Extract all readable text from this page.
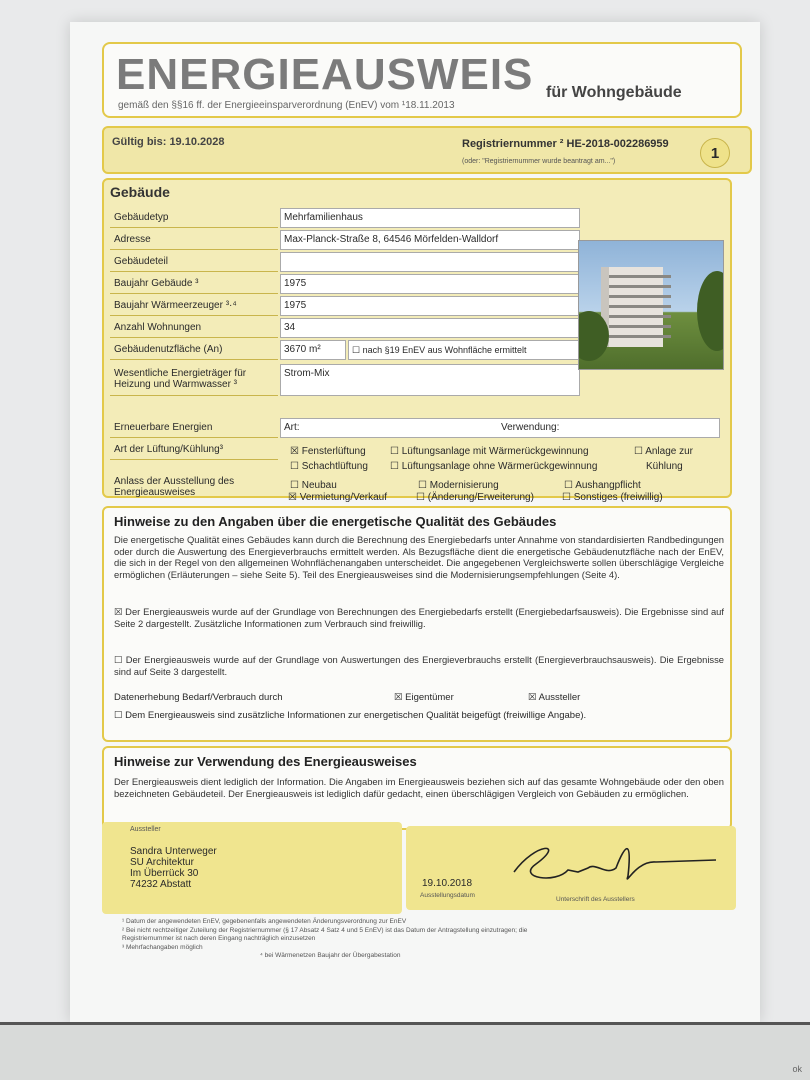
ENERGIEAUSWEIS für Wohngebäude
gemäß den §§16 ff. der Energieeinsparverordnung (EnEV) vom ¹18.11.2013
Gültig bis: 19.10.2028	Registriernummer ² HE-2018-002286959
(oder: "Registriernummer wurde beantragt am...")	1
Gebäude
Gebäudetyp	Mehrfamilienhaus
Adresse	Max-Planck-Straße 8, 64546 Mörfelden-Walldorf
Gebäudeteil
Baujahr Gebäude ³	1975
Baujahr Wärmeerzeuger ³·⁴	1975
Anzahl Wohnungen	34
Gebäudenutzfläche (An)	3670 m²	☐ nach §19 EnEV aus Wohnfläche ermittelt
Wesentliche Energieträger für Heizung und Warmwasser ³
Strom-Mix
Erneuerbare Energien	Art:	Verwendung:
Art der Lüftung/Kühlung³	☒ Fensterlüftung ☐ Lüftungsanlage mit Wärmerückgewinnung	☐ Anlage zur
☐ Schachtlüftung ☐ Lüftungsanlage ohne Wärmerückgewinnung	Kühlung
Anlass der Ausstellung des Energieausweises
☐ Neubau	☐ Modernisierung	☐ Aushangpflicht
☒ Vermietung/Verkauf	☐ (Änderung/Erweiterung)	☐ Sonstiges (freiwillig)
Hinweise zu den Angaben über die energetische Qualität des Gebäudes
Die energetische Qualität eines Gebäudes kann durch die Berechnung des Energiebedarfs unter Annahme von standardisierten Randbedingungen oder durch die Auswertung des Energieverbrauchs ermittelt werden. Als Bezugsfläche dient die energetische Gebäudenutzfläche nach der EnEV, die sich in der Regel von den allgemeinen Wohnflächenangaben unterscheidet. Die angegebenen Vergleichswerte sollen überschlägige Vergleiche ermöglichen (Erläuterungen – siehe Seite 5). Teil des Energieausweises sind die Modernisierungsempfehlungen (Seite 4).
☒ Der Energieausweis wurde auf der Grundlage von Berechnungen des Energiebedarfs erstellt (Energiebedarfsausweis). Die Ergebnisse sind auf Seite 2 dargestellt. Zusätzliche Informationen zum Verbrauch sind freiwillig.
☐ Der Energieausweis wurde auf der Grundlage von Auswertungen des Energieverbrauchs erstellt (Energieverbrauchsausweis). Die Ergebnisse sind auf Seite 3 dargestellt.
Datenerhebung Bedarf/Verbrauch durch	☒ Eigentümer	☒ Aussteller
☐ Dem Energieausweis sind zusätzliche Informationen zur energetischen Qualität beigefügt (freiwillige Angabe).
Hinweise zur Verwendung des Energieausweises
Der Energieausweis dient lediglich der Information. Die Angaben im Energieausweis beziehen sich auf das gesamte Wohngebäude oder den oben bezeichneten Gebäudeteil. Der Energieausweis ist lediglich dafür gedacht, einen überschlägigen Vergleich von Gebäuden zu ermöglichen.
Aussteller
Sandra Unterweger
SU Architektur
Im Überrück 30
74232 Abstatt	19.10.2018
Ausstellungsdatum
Unterschrift des Ausstellers
¹ Datum der angewendeten EnEV, gegebenenfalls angewendeten Änderungsverordnung zur EnEV
² Bei nicht rechtzeitiger Zuteilung der Registriernummer (§ 17 Absatz 4 Satz 4 und 5 EnEV) ist das Datum der Antragstellung einzutragen; die
Registriernummer ist nach deren Eingang nachträglich einzusetzen
³ Mehrfachangaben möglich
⁴ bei Wärmenetzen Baujahr der Übergabestation
ok
